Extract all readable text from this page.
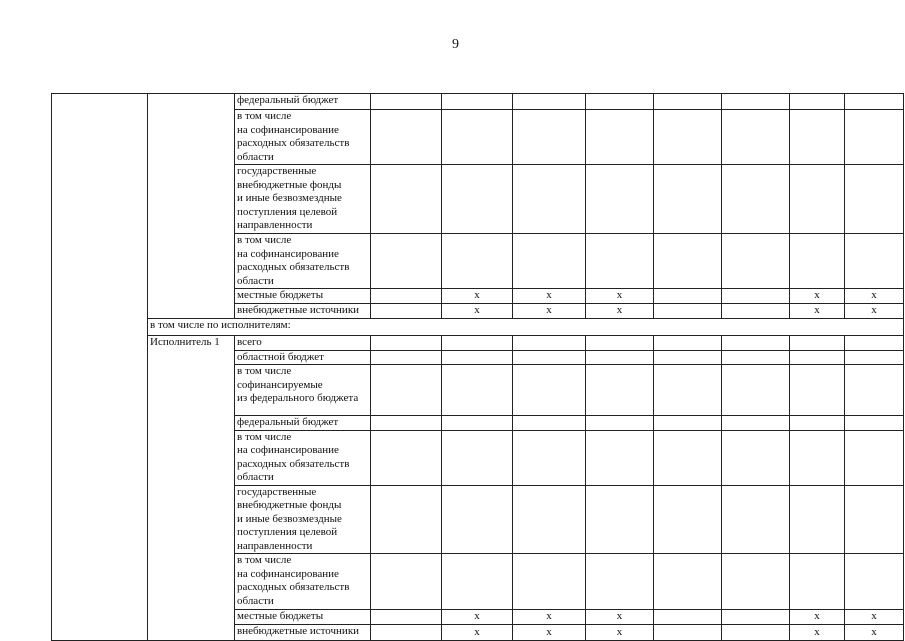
9
		федеральный бюджет								
		в том числе
на софинансирование
расходных обязательств
области								
		государственные
внебюджетные фонды
и иные безвозмездные
поступления целевой
направленности								
		в том числе
на софинансирование
расходных обязательств
области								
		местные бюджеты		х	х	х			х	х
		внебюджетные источники		х	х	х			х	х
	в том числе по исполнителям:									
	Исполнитель 1	всего								
		областной бюджет								
		в том числе
софинансируемые
из федерального бюджета								
		федеральный бюджет								
		в том числе
на софинансирование
расходных обязательств
области								
		государственные
внебюджетные фонды
и иные безвозмездные
поступления целевой
направленности								
		в том числе
на софинансирование
расходных обязательств
области								
		местные бюджеты		х	х	х			х	х
		внебюджетные источники		х	х	х			х	х
